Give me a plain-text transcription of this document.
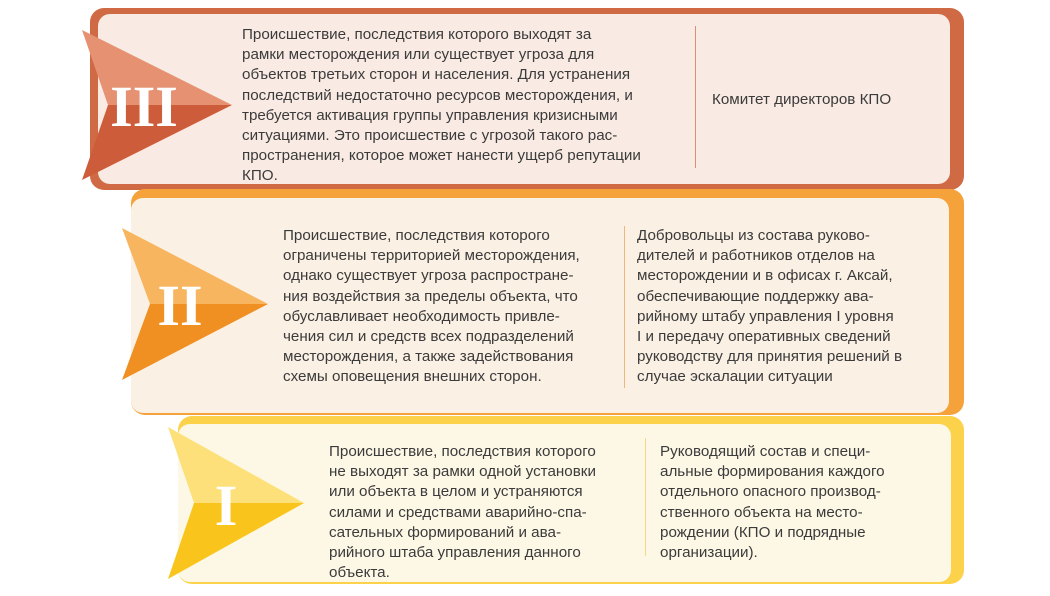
III
Происшествие, последствия которого выходят за
рамки месторождения или существует угроза для
объектов третьих сторон и населения. Для устранения
последствий недостаточно ресурсов месторождения, и
требуется активация группы управления кризисными
ситуациями. Это происшествие с угрозой такого рас-
пространения, которое может нанести ущерб репутации
КПО.
Комитет директоров КПО
II
Происшествие, последствия которого
ограничены территорией месторождения,
однако существует угроза распростране-
ния воздействия за пределы объекта, что
обуславливает необходимость привле-
чения сил и средств всех подразделений
месторождения, а также задействования
схемы оповещения внешних сторон.
Добровольцы из состава руково-
дителей и работников отделов на
месторождении и в офисах г. Аксай,
обеспечивающие поддержку ава-
рийному штабу управления I уровня
I и передачу оперативных сведений
руководству для принятия решений в
случае эскалации ситуации
I
Происшествие, последствия которого
не выходят за рамки одной установки
или объекта в целом и устраняются
силами и средствами аварийно-спа-
сательных формирований и ава-
рийного штаба управления данного
объекта.
Руководящий состав и специ-
альные формирования каждого
отдельного опасного производ-
ственного объекта на место-
рождении (КПО и подрядные
организации).
